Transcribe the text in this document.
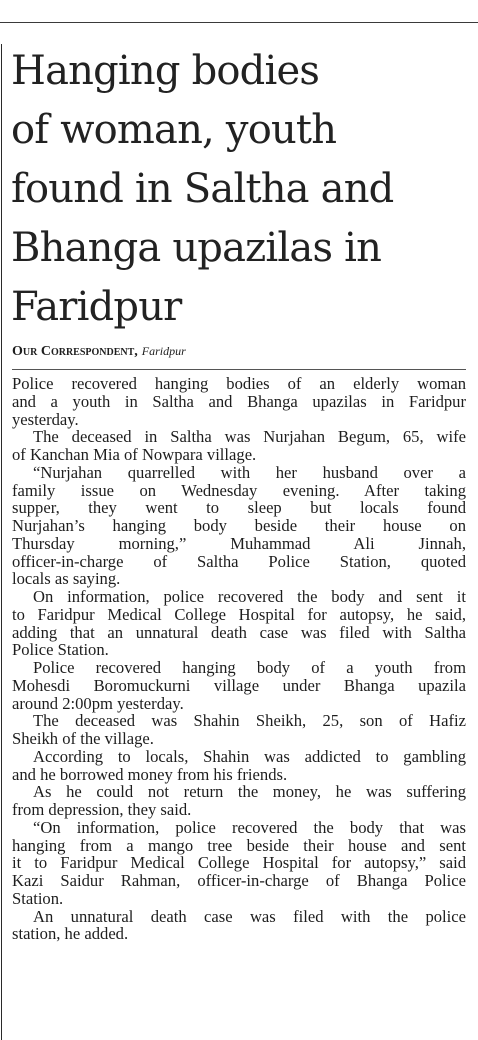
Hanging bodies
of woman, youth
found in Saltha and
Bhanga upazilas in
Faridpur
Our Correspondent, Faridpur

Police recovered hanging bodies of an elderly woman
and a youth in Saltha and Bhanga upazilas in Faridpur
yesterday.

The deceased in Saltha was Nurjahan Begum, 65, wife
of Kanchan Mia of Nowpara village.

“Nurjahan quarrelled with her husband over a
family issue on Wednesday evening. After taking
supper, they went to sleep but locals found
Nurjahan’s hanging body beside their house on
Thursday morning,” Muhammad Ali Jinnah,
officer-in-charge of Saltha Police Station, quoted
locals as saying.

On information, police recovered the body and sent it
to Faridpur Medical College Hospital for autopsy, he said,
adding that an unnatural death case was filed with Saltha
Police Station.

Police recovered hanging body of a youth from
Mohesdi Boromuckurni village under Bhanga upazila
around 2:00pm yesterday.

The deceased was Shahin Sheikh, 25, son of Hafiz
Sheikh of the village.

According to locals, Shahin was addicted to gambling
and he borrowed money from his friends.

As he could not return the money, he was suffering
from depression, they said.

“On information, police recovered the body that was
hanging from a mango tree beside their house and sent
it to Faridpur Medical College Hospital for autopsy,” said
Kazi Saidur Rahman, officer-in-charge of Bhanga Police
Station.

An unnatural death case was filed with the police
station, he added.
